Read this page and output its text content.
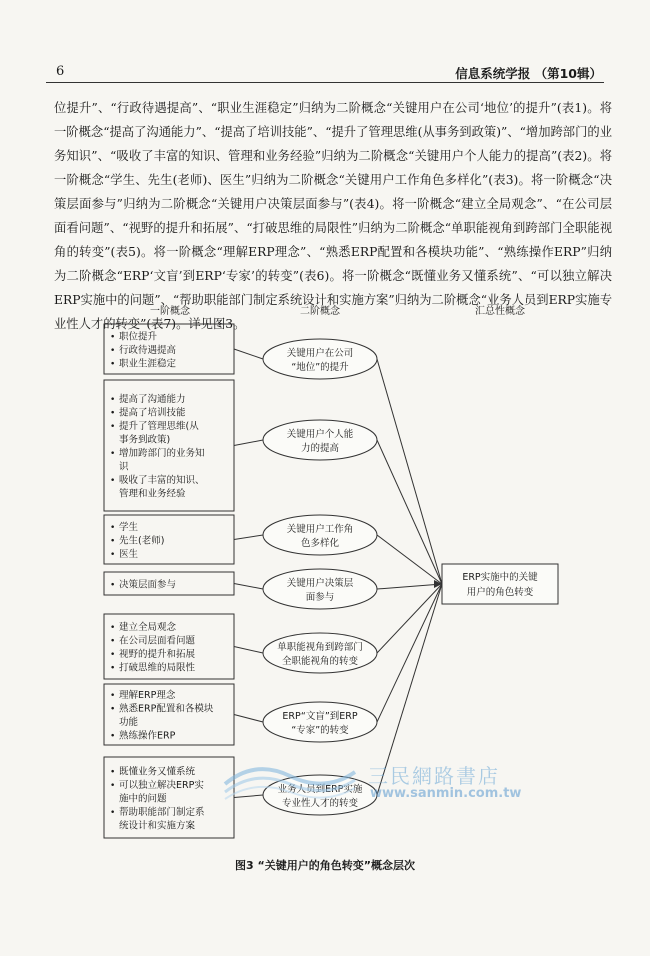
6	信息系统学报 （第10辑）

位提升”、“行政待遇提高”、“职业生涯稳定”归纳为二阶概念“关键用户在公司‘地位’的提升”(表1)。将一阶概念“提高了沟通能力”、“提高了培训技能”、“提升了管理思维(从事务到政策)”、“增加跨部门的业务知识”、“吸收了丰富的知识、管理和业务经验”归纳为二阶概念“关键用户个人能力的提高”(表2)。将一阶概念“学生、先生(老师)、医生”归纳为二阶概念“关键用户工作角色多样化”(表3)。将一阶概念“决策层面参与”归纳为二阶概念“关键用户决策层面参与”(表4)。将一阶概念“建立全局观念”、“在公司层面看问题”、“视野的提升和拓展”、“打破思维的局限性”归纳为二阶概念“单职能视角到跨部门全职能视角的转变”(表5)。将一阶概念“理解ERP理念”、“熟悉ERP配置和各模块功能”、“熟练操作ERP”归纳为二阶概念“ERP‘文盲’到ERP‘专家’的转变”(表6)。将一阶概念“既懂业务又懂系统”、“可以独立解决ERP实施中的问题”、“帮助职能部门制定系统设计和实施方案”归纳为二阶概念“业务人员到ERP实施专业性人才的转变”(表7)。详见图3。

一阶概念	二阶概念	汇总性概念
• 职位提升
• 行政待遇提高
• 职业生涯稳定
关键用户在公司
“地位”的提升
• 提高了沟通能力
• 提高了培训技能
• 提升了管理思维(从
事务到政策)
• 增加跨部门的业务知
识
• 吸收了丰富的知识、
管理和业务经验
关键用户个人能
力的提高
• 学生
• 先生(老师)
• 医生
关键用户工作角
色多样化
• 决策层面参与	关键用户决策层
面参与
• 建立全局观念
• 在公司层面看问题
• 视野的提升和拓展
• 打破思维的局限性
单职能视角到跨部门
全职能视角的转变
• 理解ERP理念
• 熟悉ERP配置和各模块
功能
• 熟练操作ERP
ERP“文盲”到ERP
“专家”的转变
• 既懂业务又懂系统
• 可以独立解决ERP实
施中的问题
• 帮助职能部门制定系
统设计和实施方案
业务人员到ERP实施
专业性人才的转变
ERP实施中的关键
用户的角色转变
图3 “关键用户的角色转变”概念层次
三民網路書店
www.sanmin.com.tw
